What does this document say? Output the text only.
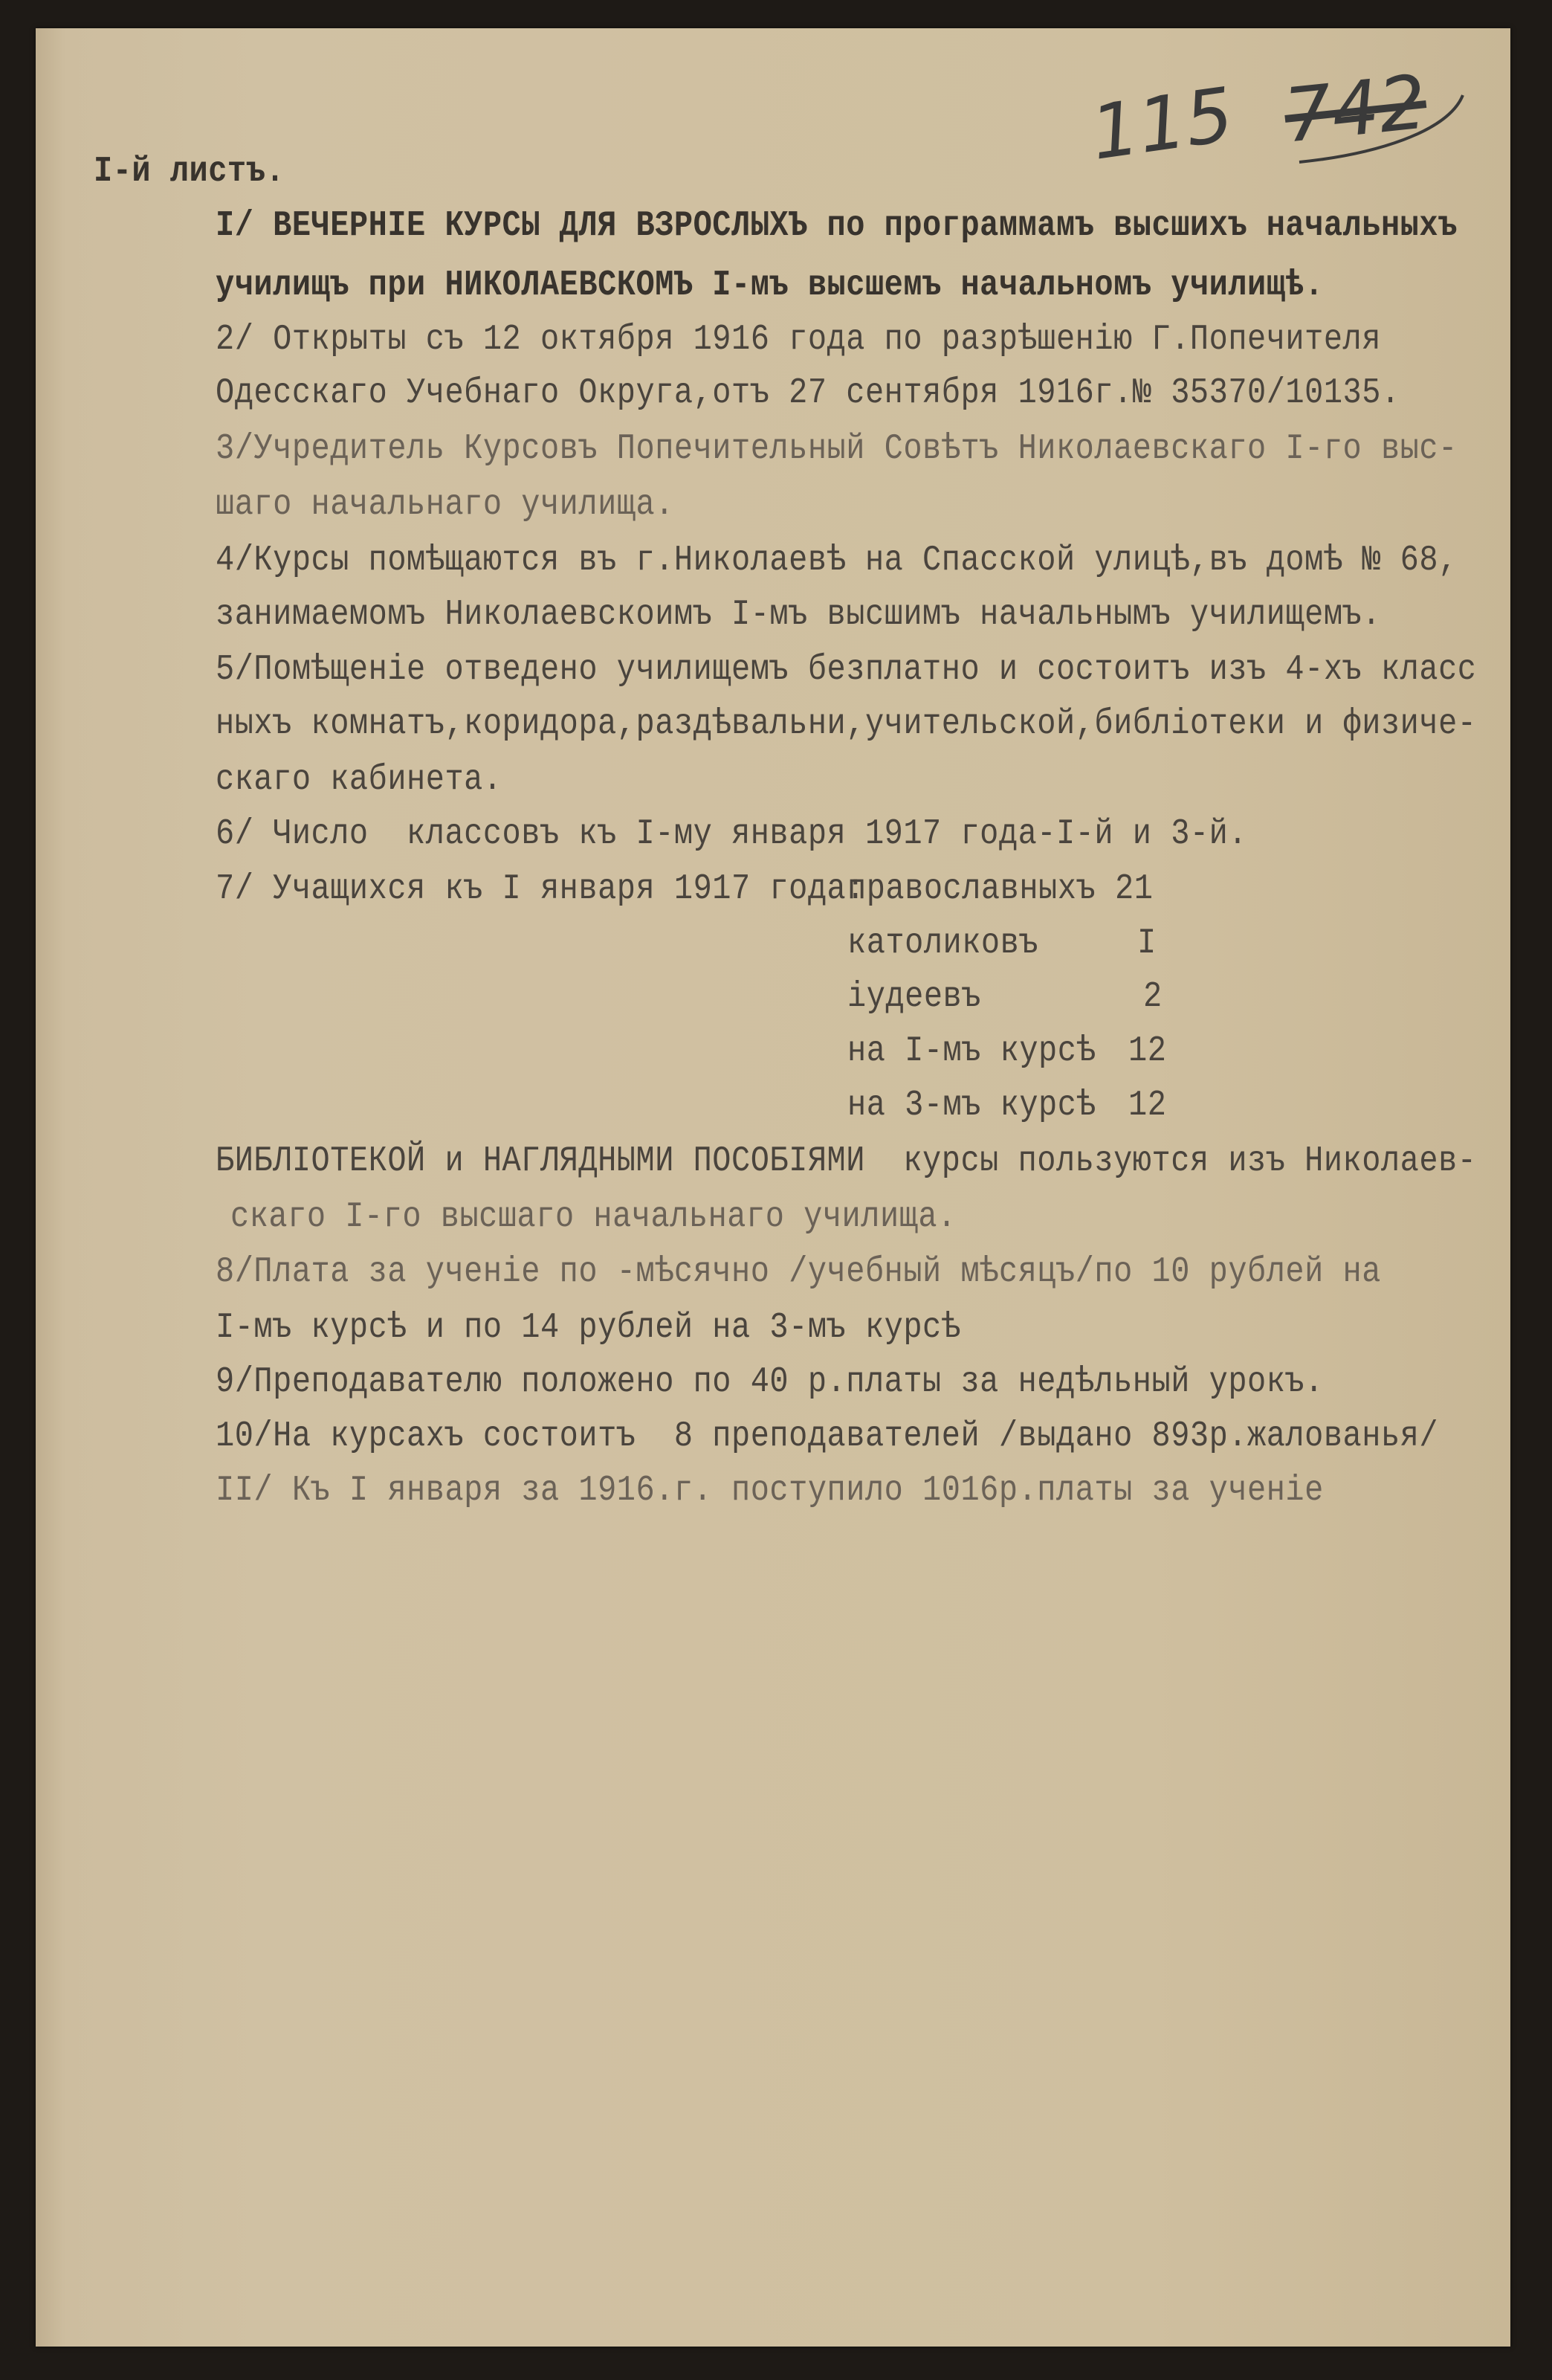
115 742
I-й листъ.
I/ ВЕЧЕРНІЕ КУРСЫ ДЛЯ ВЗРОСЛЫХЪ по программамъ высшихъ начальныхъ
училищъ при НИКОЛАЕВСКОМЪ I-мъ высшемъ начальномъ училищѣ.
2/ Открыты съ 12 октября 1916 года по разрѣшенію Г.Попечителя
Одесскаго Учебнаго Округа,отъ 27 сентября 1916г.№ 35370/10135.
3/Учредитель Курсовъ Попечительный Совѣтъ Николаевскаго I-го выс-
шаго начальнаго училища.
4/Курсы помѣщаются въ г.Николаевѣ на Спасской улицѣ,въ домѣ № 68,
занимаемомъ Николаевскоимъ I-мъ высшимъ начальнымъ училищемъ.
5/Помѣщеніе отведено училищемъ безплатно и состоитъ изъ 4-хъ класс
ныхъ комнатъ,коридора,раздѣвальни,учительской,библіотеки и физиче-
скаго кабинета.
6/ Число  классовъ къ I-му января 1917 года-I-й и 3-й.
7/ Учащихся къ I января 1917 года:
православныхъ 21
католиковъ	I
іудеевъ	2
на I-мъ курсѣ 12
на 3-мъ курсѣ 12
БИБЛІОТЕКОЙ и НАГЛЯДНЫМИ ПОСОБІЯМИ  курсы пользуются изъ Николаев-
скаго I-го высшаго начальнаго училища.
8/Плата за ученіе по -мѣсячно /учебный мѣсяцъ/по 10 рублей на
I-мъ курсѣ и по 14 рублей на 3-мъ курсѣ
9/Преподавателю положено по 40 р.платы за недѣльный урокъ.
10/На курсахъ состоитъ  8 преподавателей /выдано 893р.жалованья/
II/ Къ I января за 1916.г. поступило 1016р.платы за ученіе
